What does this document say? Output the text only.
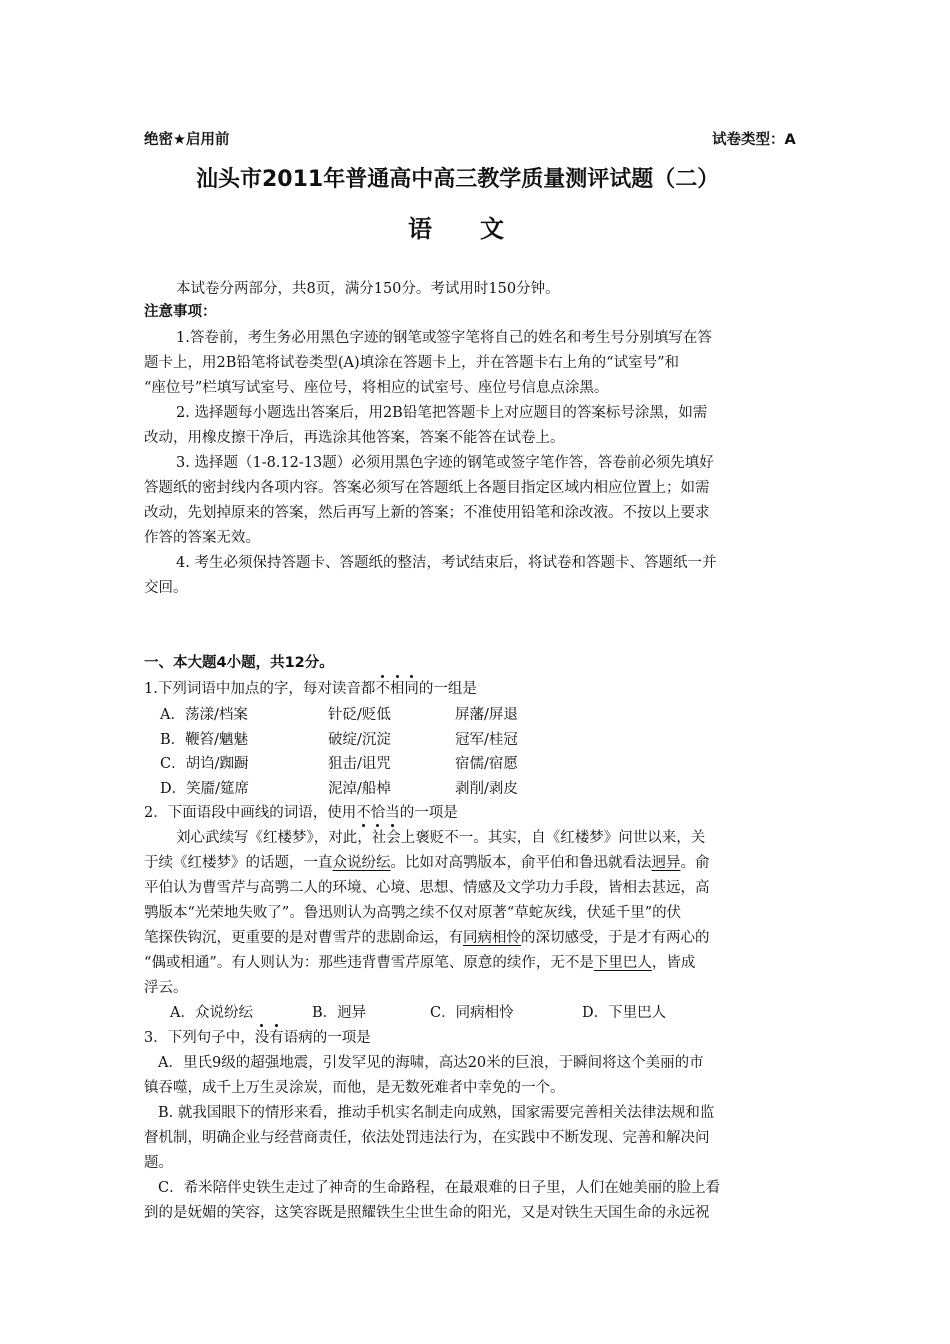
绝密★启用前	试卷类型：A
汕头市2011年普通高中高三教学质量测评试题（二）
语　　文
本试卷分两部分，共8页，满分150分。考试用时150分钟。
注意事项：
1.答卷前，考生务必用黑色字迹的钢笔或签字笔将自己的姓名和考生号分别填写在答
题卡上，用2B铅笔将试卷类型(A)填涂在答题卡上，并在答题卡右上角的“试室号”和
“座位号”栏填写试室号、座位号，将相应的试室号、座位号信息点涂黑。
2. 选择题每小题选出答案后，用2B铅笔把答题卡上对应题目的答案标号涂黑，如需
改动，用橡皮擦干净后，再选涂其他答案，答案不能答在试卷上。
3. 选择题（1-8.12-13题）必须用黑色字迹的钢笔或签字笔作答，答卷前必须先填好
答题纸的密封线内各项内容。答案必须写在答题纸上各题目指定区域内相应位置上；如需
改动，先划掉原来的答案，然后再写上新的答案；不准使用铅笔和涂改液。不按以上要求
作答的答案无效。
4. 考生必须保持答题卡、答题纸的整洁，考试结束后，将试卷和答题卡、答题纸一并
交回。
一、本大题4小题，共12分。
1.下列词语中加点的字，每对读音都不相同的一组是
A．荡漾/档案	针砭/贬低	屏藩/屏退
B．鞭笞/魑魅	破绽/沉淀	冠军/桂冠
C．胡诌/踟蹰	狙击/诅咒	宿儒/宿愿
D．笑靥/筵席	泥淖/船棹	剥削/剥皮
2．下面语段中画线的词语，使用不恰当的一项是
刘心武续写《红楼梦》，对此，社会上褒贬不一。其实，自《红楼梦》问世以来，关
于续《红楼梦》的话题，一直众说纷纭。比如对高鹗版本，俞平伯和鲁迅就看法迥异。俞
平伯认为曹雪芹与高鹗二人的环境、心境、思想、情感及文学功力手段，皆相去甚远，高
鹗版本“光荣地失败了”。鲁迅则认为高鹗之续不仅对原著“草蛇灰线，伏延千里”的伏
笔探佚钩沉，更重要的是对曹雪芹的悲剧命运，有同病相怜的深切感受，于是才有两心的
“偶或相通”。有人则认为：那些违背曹雪芹原笔、原意的续作，无不是下里巴人，皆成
浮云。
A．众说纷纭	B．迥异	C．同病相怜	D．下里巴人
3．下列句子中，没有语病的一项是
A．里氏9级的超强地震，引发罕见的海啸，高达20米的巨浪，于瞬间将这个美丽的市
镇吞噬，成千上万生灵涂炭，而他，是无数死难者中幸免的一个。
B. 就我国眼下的情形来看，推动手机实名制走向成熟，国家需要完善相关法律法规和监
督机制，明确企业与经营商责任，依法处罚违法行为，在实践中不断发现、完善和解决问
题。
C．希米陪伴史铁生走过了神奇的生命路程，在最艰难的日子里，人们在她美丽的脸上看
到的是妩媚的笑容，这笑容既是照耀铁生尘世生命的阳光，又是对铁生天国生命的永远祝
